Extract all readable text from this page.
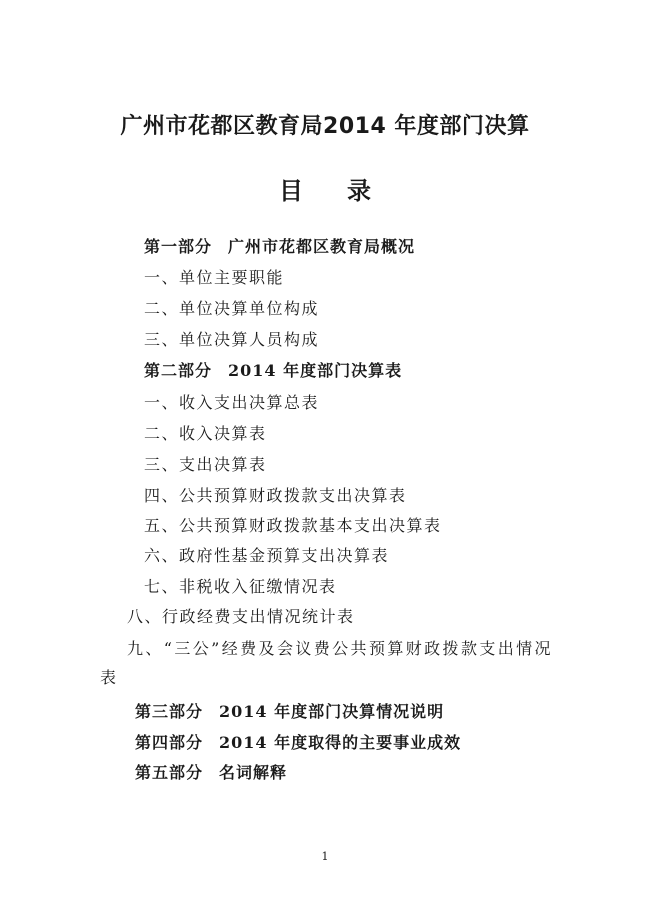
广州市花都区教育局2014 年度部门决算
目录
第一部分 广州市花都区教育局概况
一、单位主要职能
二、单位决算单位构成
三、单位决算人员构成
第二部分 2014 年度部门决算表
一、收入支出决算总表
二、收入决算表
三、支出决算表
四、公共预算财政拨款支出决算表
五、公共预算财政拨款基本支出决算表
六、政府性基金预算支出决算表
七、非税收入征缴情况表
八、行政经费支出情况统计表
九、“三公”经费及会议费公共预算财政拨款支出情况
表
第三部分 2014 年度部门决算情况说明
第四部分 2014 年度取得的主要事业成效
第五部分 名词解释
1
